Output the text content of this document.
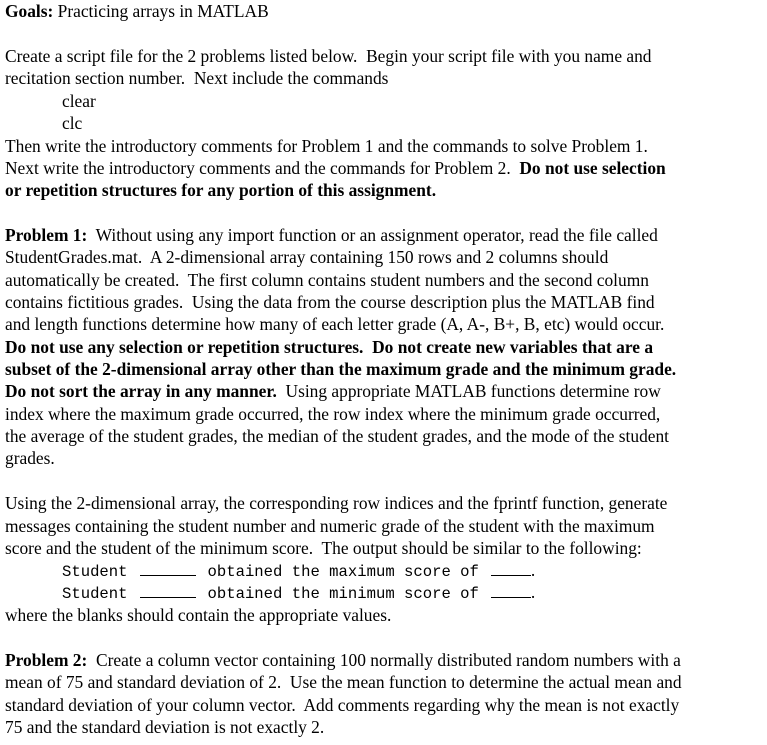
Goals: Practicing arrays in MATLAB
Create a script file for the 2 problems listed below.  Begin your script file with you name and
recitation section number.  Next include the commands
clear
clc
Then write the introductory comments for Problem 1 and the commands to solve Problem 1.
Next write the introductory comments and the commands for Problem 2.  Do not use selection
or repetition structures for any portion of this assignment.
Problem 1:  Without using any import function or an assignment operator, read the file called
StudentGrades.mat.  A 2-dimensional array containing 150 rows and 2 columns should
automatically be created.  The first column contains student numbers and the second column
contains fictitious grades.  Using the data from the course description plus the MATLAB find
and length functions determine how many of each letter grade (A, A-, B+, B, etc) would occur.
Do not use any selection or repetition structures.  Do not create new variables that are a
subset of the 2-dimensional array other than the maximum grade and the minimum grade.
Do not sort the array in any manner.  Using appropriate MATLAB functions determine row
index where the maximum grade occurred, the row index where the minimum grade occurred,
the average of the student grades, the median of the student grades, and the mode of the student
grades.
Using the 2-dimensional array, the corresponding row indices and the fprintf function, generate
messages containing the student number and numeric grade of the student with the maximum
score and the student of the minimum score.  The output should be similar to the following:
Student	obtained the maximum score of	.
Student	obtained the minimum score of	.
where the blanks should contain the appropriate values.
Problem 2:  Create a column vector containing 100 normally distributed random numbers with a
mean of 75 and standard deviation of 2.  Use the mean function to determine the actual mean and
standard deviation of your column vector.  Add comments regarding why the mean is not exactly
75 and the standard deviation is not exactly 2.
